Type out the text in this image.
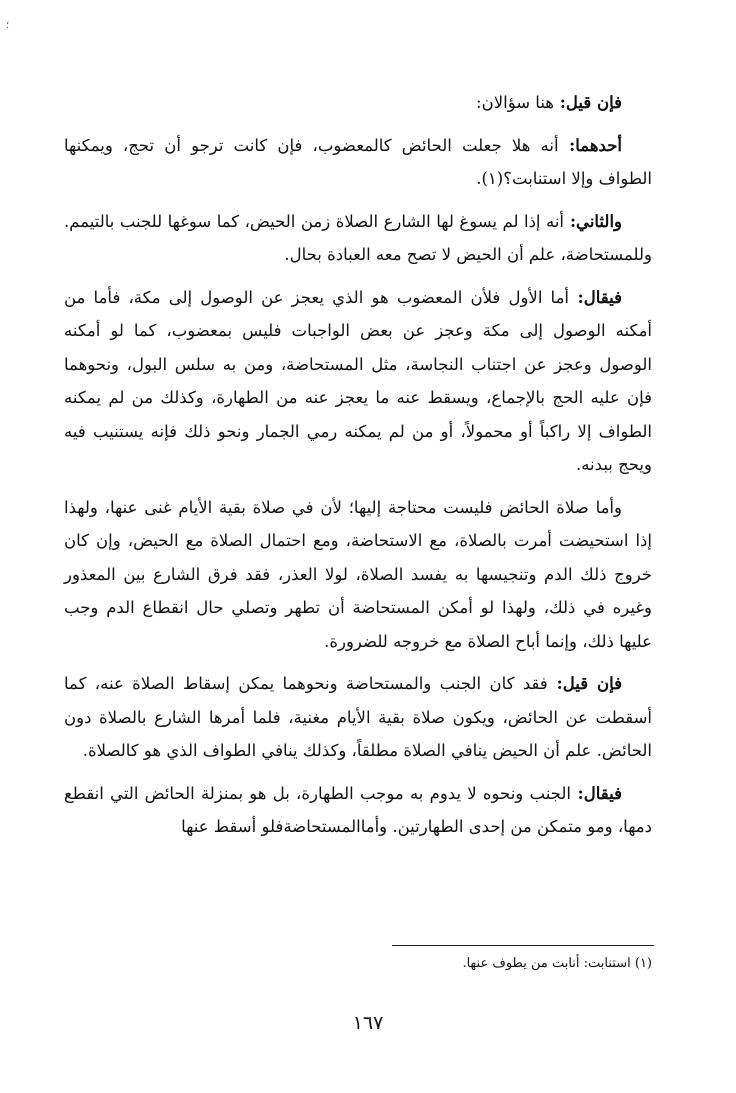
؛

فإن قيل: هنا سؤالان:

أحدهما: أنه هلا جعلت الحائض كالمعضوب، فإن كانت ترجو أن تحج، ويمكنها الطواف وإلا استنابت؟(١).

والثاني: أنه إذا لم يسوغ لها الشارع الصلاة زمن الحيض، كما سوغها للجنب بالتيمم. وللمستحاضة، علم أن الحيض لا تصح معه العبادة بحال.

فيقال: أما الأول فلأن المعضوب هو الذي يعجز عن الوصول إلى مكة، فأما من أمكنه الوصول إلى مكة وعجز عن بعض الواجبات فليس بمعضوب، كما لو أمكنه الوصول وعجز عن اجتناب النجاسة، مثل المستحاضة، ومن به سلس البول، ونحوهما فإن عليه الحج بالإجماع، ويسقط عنه ما يعجز عنه من الطهارة، وكذلك من لم يمكنه الطواف إلا راكباً أو محمولاً، أو من لم يمكنه رمي الجمار ونحو ذلك فإنه يستنيب فيه ويحج ببدنه.

وأما صلاة الحائض فليست محتاجة إليها؛ لأن في صلاة بقية الأيام غنى عنها، ولهذا إذا استحيضت أمرت بالصلاة، مع الاستحاضة، ومع احتمال الصلاة مع الحيض، وإن كان خروج ذلك الدم وتنجيسها به يفسد الصلاة، لولا العذر، فقد فرق الشارع بين المعذور وغيره في ذلك، ولهذا لو أمكن المستحاضة أن تطهر وتصلي حال انقطاع الدم وجب عليها ذلك، وإنما أباح الصلاة مع خروجه للضرورة.

فإن قيل: فقد كان الجنب والمستحاضة ونحوهما يمكن إسقاط الصلاة عنه، كما أسقطت عن الحائض، ويكون صلاة بقية الأيام مغنية، فلما أمرها الشارع بالصلاة دون الحائض. علم أن الحيض ينافي الصلاة مطلقاً، وكذلك ينافي الطواف الذي هو كالصلاة.

فيقال: الجنب ونحوه لا يدوم به موجب الطهارة، بل هو بمنزلة الحائض التي انقطع دمها، ومو متمكن من إحدى الطهارتين. وأماالمستحاضةفلو أسقط عنها

(١) استنابت: أنابت من يطوف عنها.
١٦٧
